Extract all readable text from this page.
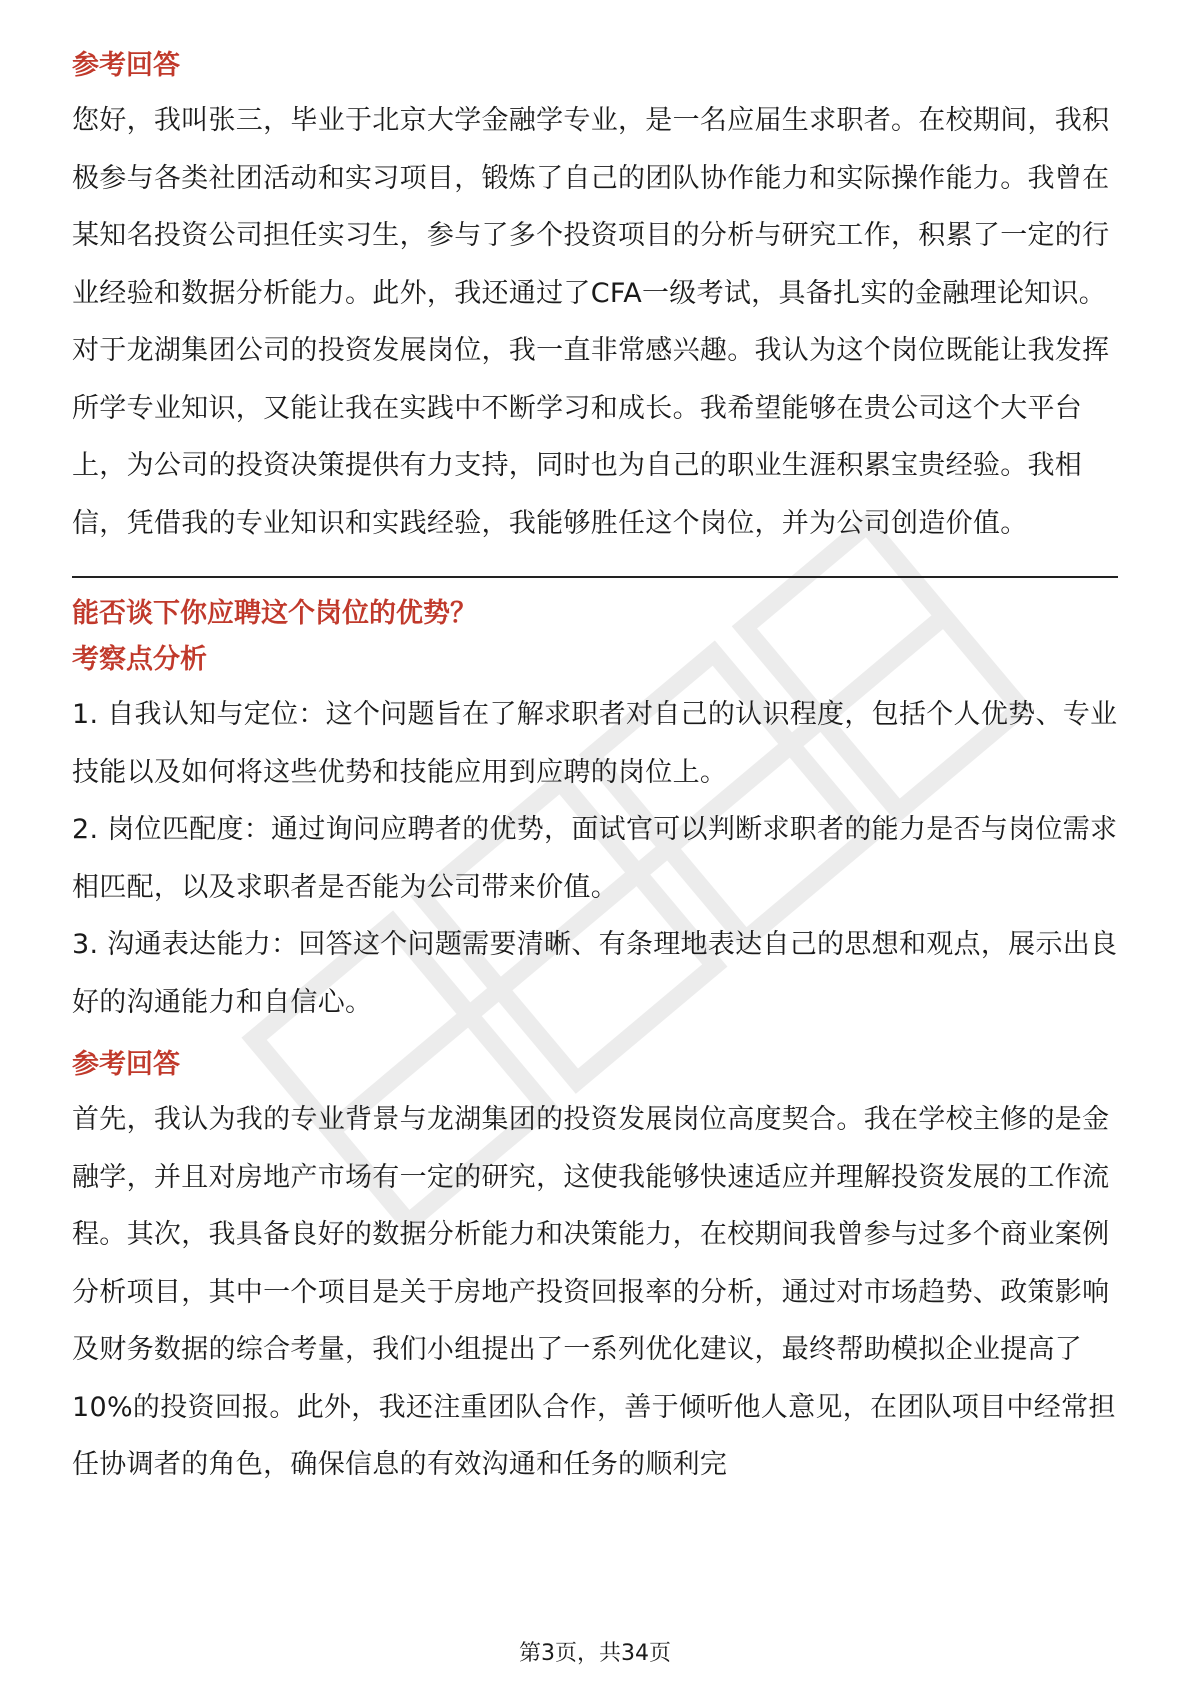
参考回答

您好，我叫张三，毕业于北京大学金融学专业，是一名应届生求职者。在校期间，我积极参与各类社团活动和实习项目，锻炼了自己的团队协作能力和实际操作能力。我曾在某知名投资公司担任实习生，参与了多个投资项目的分析与研究工作，积累了一定的行业经验和数据分析能力。此外，我还通过了CFA一级考试，具备扎实的金融理论知识。

对于龙湖集团公司的投资发展岗位，我一直非常感兴趣。我认为这个岗位既能让我发挥所学专业知识，又能让我在实践中不断学习和成长。我希望能够在贵公司这个大平台上，为公司的投资决策提供有力支持，同时也为自己的职业生涯积累宝贵经验。我相信，凭借我的专业知识和实践经验，我能够胜任这个岗位，并为公司创造价值。

能否谈下你应聘这个岗位的优势？
考察点分析

1. 自我认知与定位：这个问题旨在了解求职者对自己的认识程度，包括个人优势、专业技能以及如何将这些优势和技能应用到应聘的岗位上。

2. 岗位匹配度：通过询问应聘者的优势，面试官可以判断求职者的能力是否与岗位需求相匹配，以及求职者是否能为公司带来价值。

3. 沟通表达能力：回答这个问题需要清晰、有条理地表达自己的思想和观点，展示出良好的沟通能力和自信心。

参考回答

首先，我认为我的专业背景与龙湖集团的投资发展岗位高度契合。我在学校主修的是金融学，并且对房地产市场有一定的研究，这使我能够快速适应并理解投资发展的工作流程。其次，我具备良好的数据分析能力和决策能力，在校期间我曾参与过多个商业案例分析项目，其中一个项目是关于房地产投资回报率的分析，通过对市场趋势、政策影响及财务数据的综合考量，我们小组提出了一系列优化建议，最终帮助模拟企业提高了10%的投资回报。此外，我还注重团队合作，善于倾听他人意见，在团队项目中经常担任协调者的角色，确保信息的有效沟通和任务的顺利完

第3页，共34页
